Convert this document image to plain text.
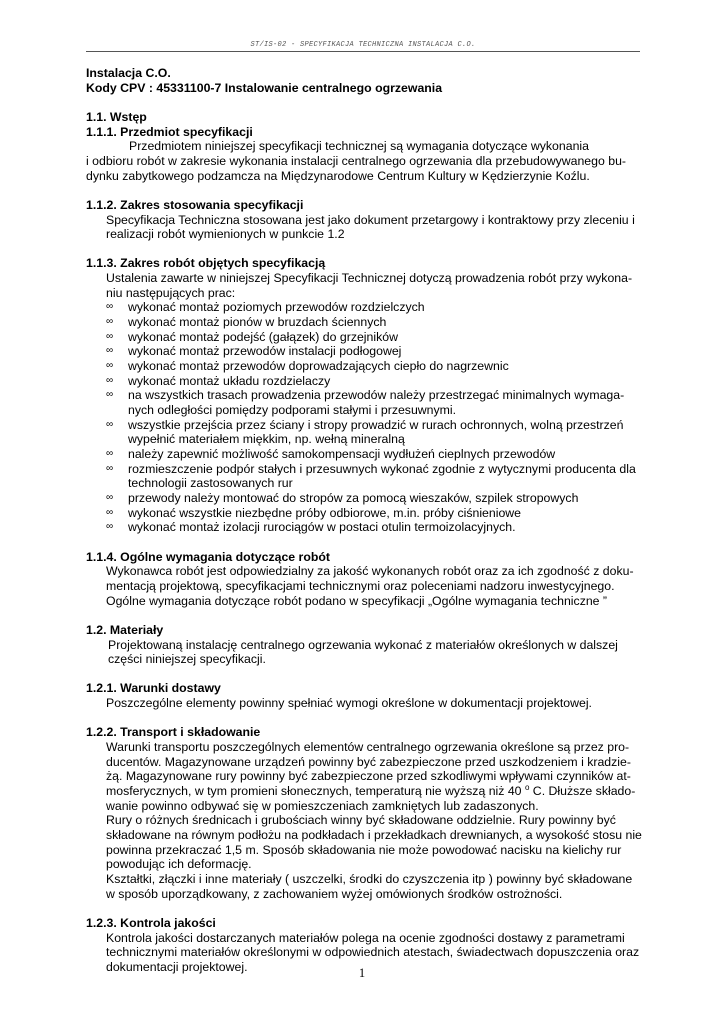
ST/IS-02 - SPECYFIKACJA TECHNICZNA INSTALACJA C.O.
Instalacja C.O.
Kody CPV : 45331100-7 Instalowanie centralnego ogrzewania
1.1. Wstęp
1.1.1. Przedmiot specyfikacji
Przedmiotem niniejszej specyfikacji technicznej są wymagania dotyczące wykonania
i odbioru robót w zakresie wykonania instalacji centralnego ogrzewania dla przebudowywanego bu-
dynku zabytkowego podzamcza na Międzynarodowe Centrum Kultury w Kędzierzynie Koźlu.
1.1.2. Zakres stosowania specyfikacji
Specyfikacja Techniczna stosowana jest jako dokument przetargowy i kontraktowy przy zleceniu i
realizacji robót wymienionych w punkcie 1.2
1.1.3. Zakres robót objętych specyfikacją
Ustalenia zawarte w niniejszej Specyfikacji Technicznej dotyczą prowadzenia robót przy wykona-
niu następujących prac:
∞ wykonać montaż poziomych przewodów rozdzielczych
∞ wykonać montaż pionów w bruzdach ściennych
∞ wykonać montaż podejść (gałązek) do grzejników
∞ wykonać montaż przewodów instalacji podłogowej
∞ wykonać montaż przewodów doprowadzających ciepło do nagrzewnic
∞ wykonać montaż układu rozdzielaczy
∞ na wszystkich trasach prowadzenia przewodów należy przestrzegać minimalnych wymaga-
nych odległości pomiędzy podporami stałymi i przesuwnymi.
∞ wszystkie przejścia przez ściany i stropy prowadzić w rurach ochronnych, wolną przestrzeń
wypełnić materiałem miękkim, np. wełną mineralną
∞ należy zapewnić możliwość samokompensacji wydłużeń cieplnych przewodów
∞ rozmieszczenie podpór stałych i przesuwnych wykonać zgodnie z wytycznymi producenta dla
technologii zastosowanych rur
∞ przewody należy montować do stropów za pomocą wieszaków, szpilek stropowych
∞ wykonać wszystkie niezbędne próby odbiorowe, m.in. próby ciśnieniowe
∞ wykonać montaż izolacji rurociągów w postaci otulin termoizolacyjnych.
1.1.4. Ogólne wymagania dotyczące robót
Wykonawca robót jest odpowiedzialny za jakość wykonanych robót oraz za ich zgodność z doku-
mentacją projektową, specyfikacjami technicznymi oraz poleceniami nadzoru inwestycyjnego.
Ogólne wymagania dotyczące robót podano w specyfikacji „Ogólne wymagania techniczne ”
1.2. Materiały
Projektowaną instalację centralnego ogrzewania wykonać z materiałów określonych w dalszej
części niniejszej specyfikacji.
1.2.1. Warunki dostawy
Poszczególne elementy powinny spełniać wymogi określone w dokumentacji projektowej.
1.2.2. Transport i składowanie
Warunki transportu poszczególnych elementów centralnego ogrzewania określone są przez pro-
ducentów. Magazynowane urządzeń powinny być zabezpieczone przed uszkodzeniem i kradzie-
żą. Magazynowane rury powinny być zabezpieczone przed szkodliwymi wpływami czynników at-
mosferycznych, w tym promieni słonecznych, temperaturą nie wyższą niż 40 $^o$ C. Dłuższe składo-
wanie powinno odbywać się w pomieszczeniach zamkniętych lub zadaszonych.
Rury o różnych średnicach i grubościach winny być składowane oddzielnie. Rury powinny być
składowane na równym podłożu na podkładach i przekładkach drewnianych, a wysokość stosu nie
powinna przekraczać 1,5 m. Sposób składowania nie może powodować nacisku na kielichy rur
powodując ich deformację.
Kształtki, złączki i inne materiały ( uszczelki, środki do czyszczenia itp ) powinny być składowane
w sposób uporządkowany, z zachowaniem wyżej omówionych środków ostrożności.
1.2.3. Kontrola jakości
Kontrola jakości dostarczanych materiałów polega na ocenie zgodności dostawy z parametrami
technicznymi materiałów określonymi w odpowiednich atestach, świadectwach dopuszczenia oraz
dokumentacji projektowej.	1
